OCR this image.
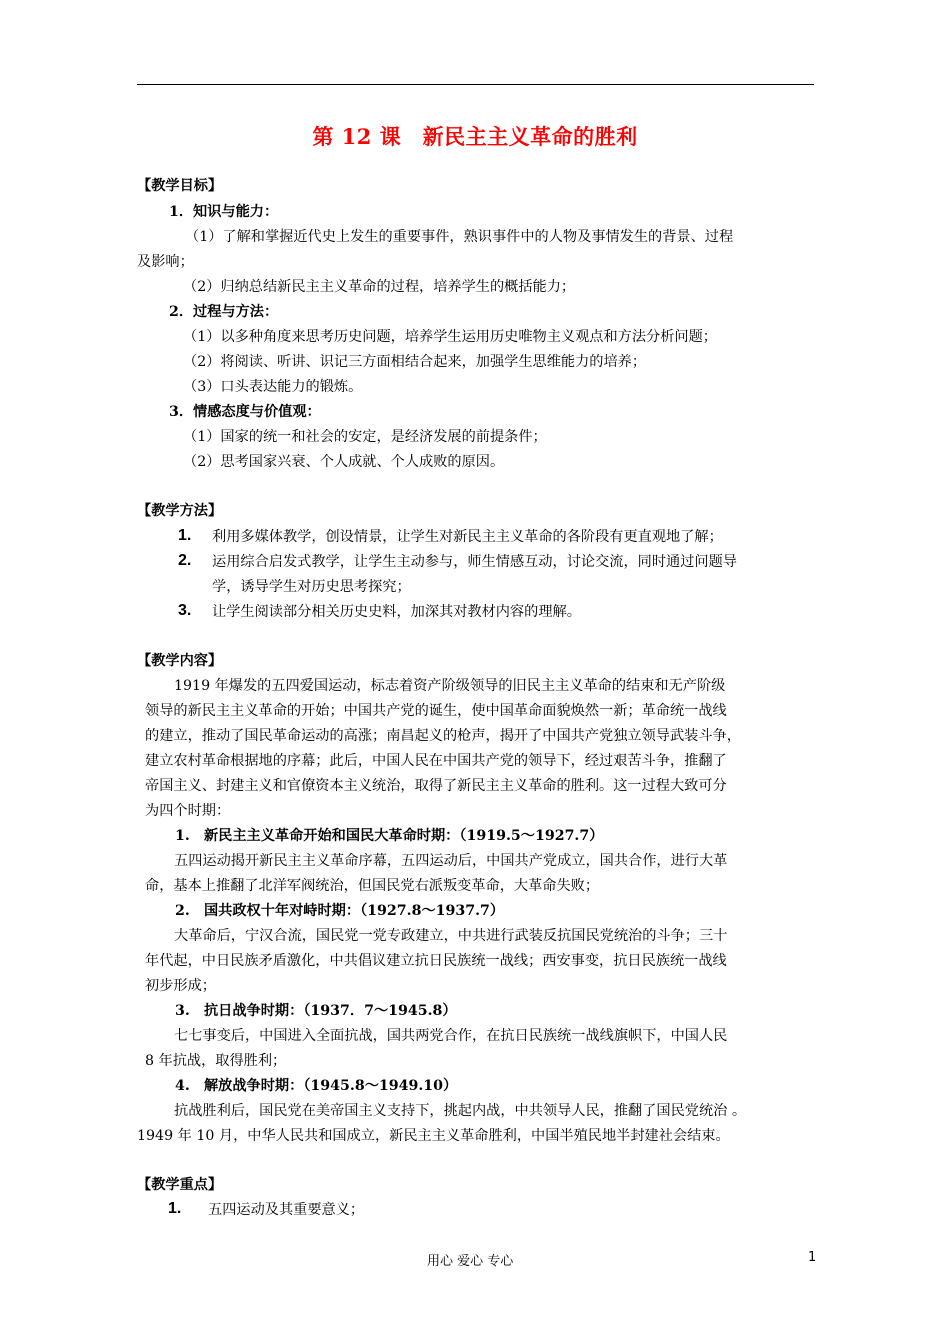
第 12 课　新民主主义革命的胜利
【教学目标】
1．知识与能力：
（1）了解和掌握近代史上发生的重要事件，熟识事件中的人物及事情发生的背景、过程
及影响；
（2）归纳总结新民主主义革命的过程，培养学生的概括能力；
2．过程与方法：
（1）以多种角度来思考历史问题，培养学生运用历史唯物主义观点和方法分析问题；
（2）将阅读、听讲、识记三方面相结合起来，加强学生思维能力的培养；
（3）口头表达能力的锻炼。
3．情感态度与价值观：
（1）国家的统一和社会的安定，是经济发展的前提条件；
（2）思考国家兴衰、个人成就、个人成败的原因。
【教学方法】
1. 利用多媒体教学，创设情景，让学生对新民主主义革命的各阶段有更直观地了解；
2. 运用综合启发式教学，让学生主动参与，师生情感互动，讨论交流，同时通过问题导
学，诱导学生对历史思考探究；
3. 让学生阅读部分相关历史史料，加深其对教材内容的理解。
【教学内容】
1919 年爆发的五四爱国运动，标志着资产阶级领导的旧民主主义革命的结束和无产阶级
领导的新民主主义革命的开始；中国共产党的诞生，使中国革命面貌焕然一新；革命统一战线
的建立，推动了国民革命运动的高涨；南昌起义的枪声，揭开了中国共产党独立领导武装斗争，
建立农村革命根据地的序幕；此后，中国人民在中国共产党的领导下，经过艰苦斗争，推翻了
帝国主义、封建主义和官僚资本主义统治，取得了新民主主义革命的胜利。这一过程大致可分
为四个时期：
1.　新民主主义革命开始和国民大革命时期：（1919.5～1927.7）
五四运动揭开新民主主义革命序幕，五四运动后，中国共产党成立，国共合作，进行大革
命，基本上推翻了北洋军阀统治，但国民党右派叛变革命，大革命失败；
2.　国共政权十年对峙时期：（1927.8～1937.7）
大革命后，宁汉合流，国民党一党专政建立，中共进行武装反抗国民党统治的斗争；三十
年代起，中日民族矛盾激化，中共倡议建立抗日民族统一战线；西安事变，抗日民族统一战线
初步形成；
3.　抗日战争时期：（1937．7～1945.8）
七七事变后，中国进入全面抗战，国共两党合作，在抗日民族统一战线旗帜下，中国人民
8 年抗战，取得胜利；
4.　解放战争时期：（1945.8～1949.10）
抗战胜利后，国民党在美帝国主义支持下，挑起内战，中共领导人民，推翻了国民党统治 。
1949 年 10 月，中华人民共和国成立，新民主主义革命胜利，中国半殖民地半封建社会结束。
【教学重点】
1. 五四运动及其重要意义；
用心 爱心 专心	1
